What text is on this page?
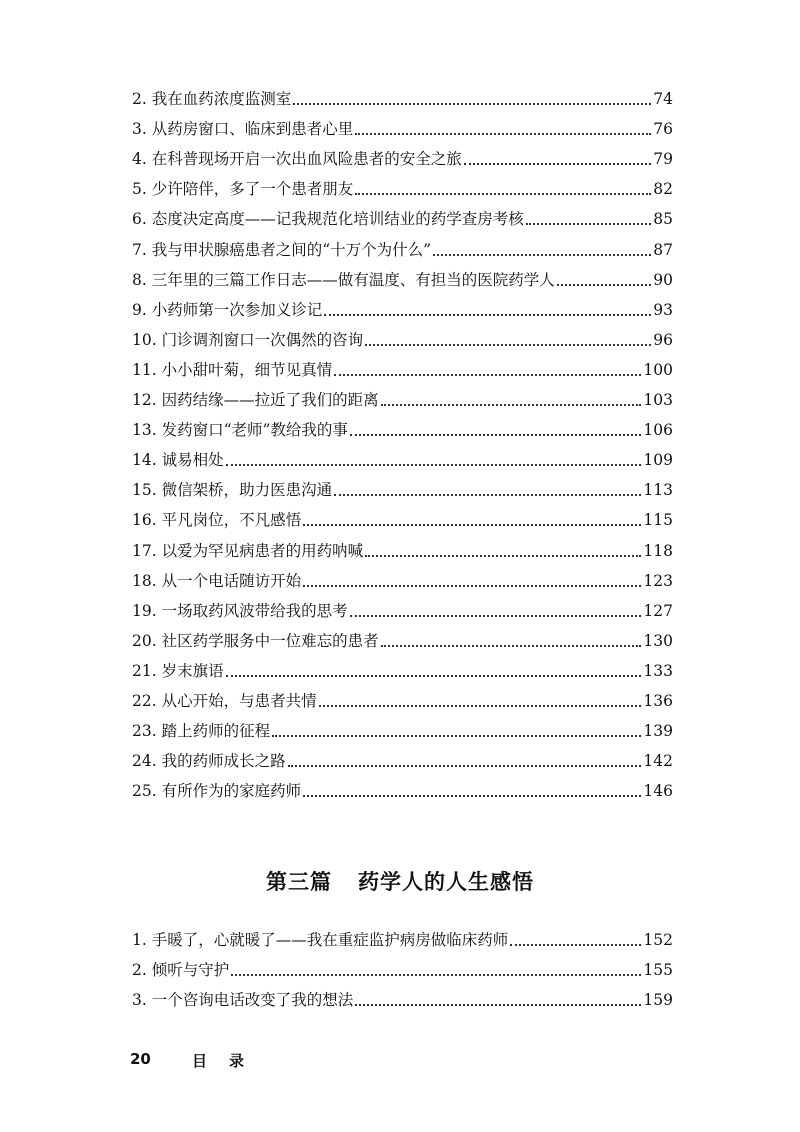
2. 我在血药浓度监测室	74
3. 从药房窗口、临床到患者心里	76
4. 在科普现场开启一次出血风险患者的安全之旅	79
5. 少许陪伴，多了一个患者朋友	82
6. 态度决定高度——记我规范化培训结业的药学查房考核	85
7. 我与甲状腺癌患者之间的“十万个为什么”	87
8. 三年里的三篇工作日志——做有温度、有担当的医院药学人	90
9. 小药师第一次参加义诊记	93
10. 门诊调剂窗口一次偶然的咨询	96
11. 小小甜叶菊，细节见真情	100
12. 因药结缘——拉近了我们的距离	103
13. 发药窗口“老师”教给我的事	106
14. 诚易相处	109
15. 微信架桥，助力医患沟通	113
16. 平凡岗位，不凡感悟	115
17. 以爱为罕见病患者的用药呐喊	118
18. 从一个电话随访开始	123
19. 一场取药风波带给我的思考	127
20. 社区药学服务中一位难忘的患者	130
21. 岁末旗语	133
22. 从心开始，与患者共情	136
23. 踏上药师的征程	139
24. 我的药师成长之路	142
25. 有所作为的家庭药师	146
第三篇 药学人的人生感悟
1. 手暖了，心就暖了——我在重症监护病房做临床药师	152
2. 倾听与守护	155
3. 一个咨询电话改变了我的想法	159
20	目录
